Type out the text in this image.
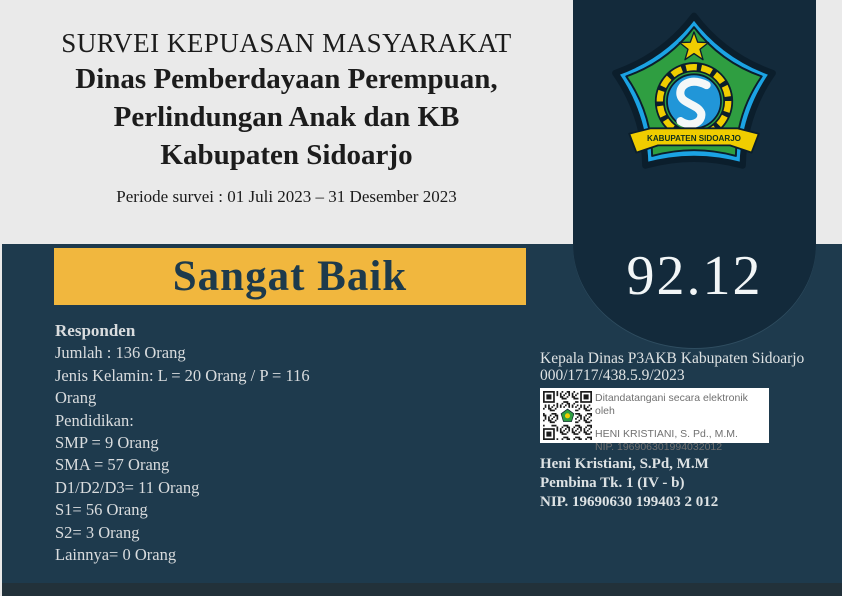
SURVEI KEPUASAN MASYARAKAT
Dinas Pemberdayaan Perempuan,
Perlindungan Anak dan KB
Kabupaten Sidoarjo
Periode survei : 01 Juli 2023 – 31 Desember 2023
KABUPATEN SIDOARJO
92.12
Sangat Baik
Responden
Jumlah : 136 Orang
Jenis Kelamin: L = 20 Orang / P = 116
Orang
Pendidikan:
SMP = 9 Orang
SMA = 57 Orang
D1/D2/D3= 11 Orang
S1= 56 Orang
S2= 3 Orang
Lainnya= 0 Orang
Kepala Dinas P3AKB Kabupaten Sidoarjo
000/1717/438.5.9/2023
Ditandatangani secara elektronik oleh
HENI KRISTIANI, S. Pd., M.M.
NIP. 196906301994032012
Heni Kristiani, S.Pd, M.M
Pembina Tk. 1 (IV - b)
NIP. 19690630 199403 2 012
